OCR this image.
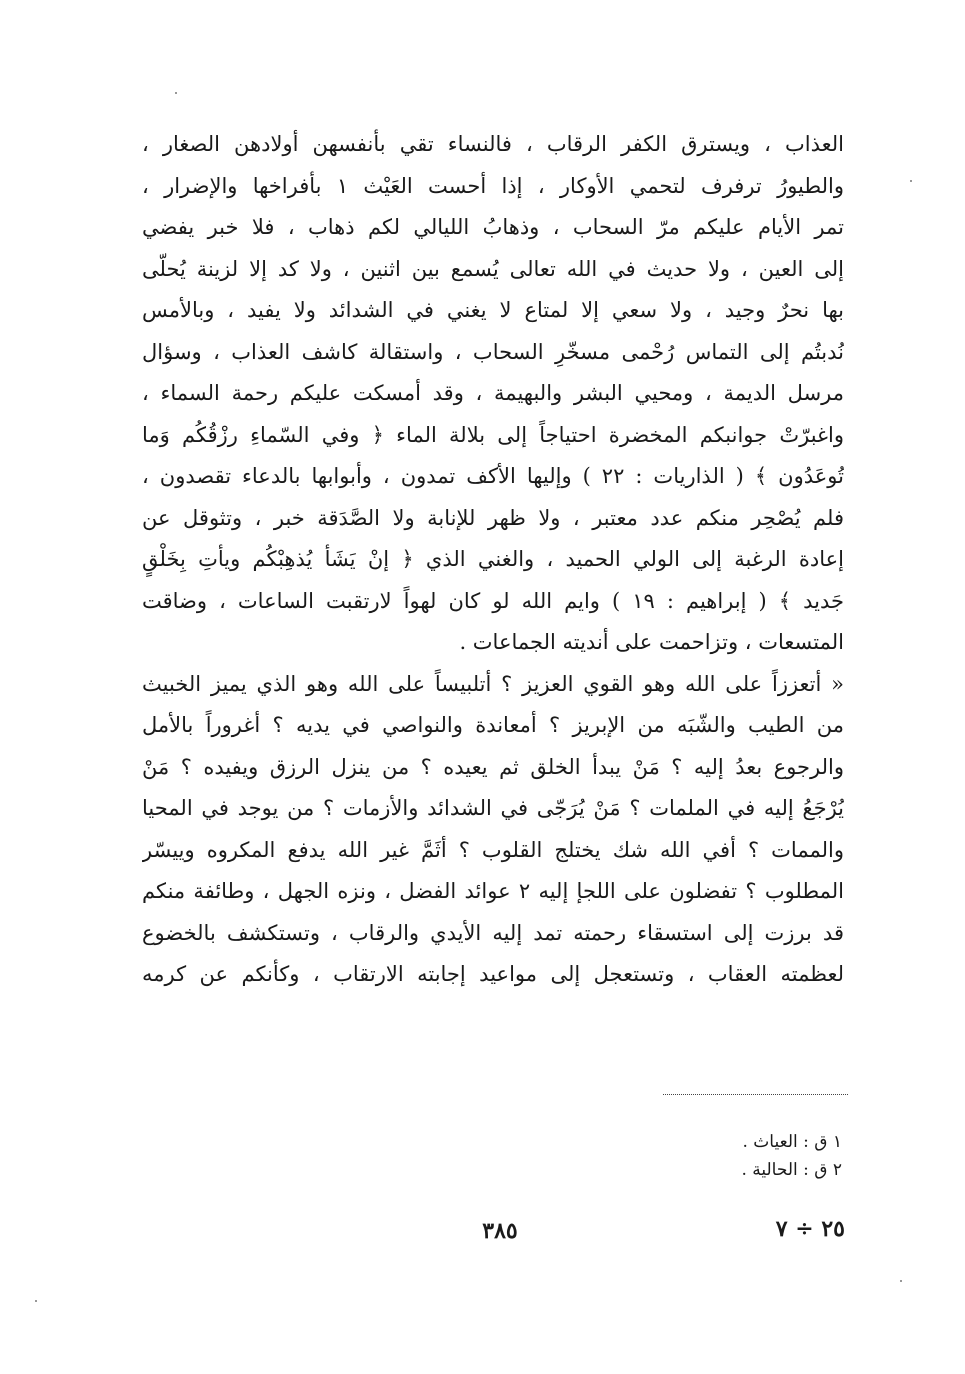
العذاب ، ويسترق الكفر الرقاب ، فالنساء تقي بأنفسهن أولادهن الصغار ،
والطيورُ ترفرف لتحمي الأوكار ، إذا أحست العَيْث ١ بأفراخها والإضرار ،
تمر الأيام عليكم مرّ السحاب ، وذهابُ الليالي لكم ذهاب ، فلا خبر يفضي
إلى العين ، ولا حديث في الله تعالى يُسمع بين اثنين ، ولا كد إلا لزينة يُحلّى
بها نحرٌ وجيد ، ولا سعي إلا لمتاع لا يغني في الشدائد ولا يفيد ، وبالأمس
نُدبتُم إلى التماس رُحْمى مسخّرِ السحاب ، واستقالة كاشف العذاب ، وسؤال
مرسل الديمة ، ومحيي البشر والبهيمة ، وقد أمسكت عليكم رحمة السماء ،
واغبرّتْ جوانبكم المخضرة احتياجاً إلى بلالة الماء ﴿ وفي السّماءِ رزْقُكُم وَما
تُوعَدُون ﴾ ( الذاريات : ٢٢ ) وإليها الأكف تمدون ، وأبوابها بالدعاء تقصدون ،
فلم يُصْحِر منكم عدد معتبر ، ولا ظهر للإنابة ولا الصَّدَقة خبر ، وتثوقل عن
إعادة الرغبة إلى الولي الحميد ، والغني الذي ﴿ إنْ يَشَأ يُذهِبْكُم ويأتِ بِخَلْقٍ
جَديد ﴾ ( إبراهيم : ١٩ ) وايم الله لو كان لهواً لارتقبت الساعات ، وضاقت
المتسعات ، وتزاحمت على أنديته الجماعات .
« أتعززاً على الله وهو القوي العزيز ؟ أتلبيساً على الله وهو الذي يميز الخبيث
من الطيب والشّبَه من الإبريز ؟ أمعاندة والنواصي في يديه ؟ أغروراً بالأمل
والرجوع بعدُ إليه ؟ مَنْ يبدأ الخلق ثم يعيده ؟ من ينزل الرزق ويفيده ؟ مَنْ
يُرْجَعُ إليه في الملمات ؟ مَنْ يُرَجّى في الشدائد والأزمات ؟ من يوجد في المحيا
والممات ؟ أفي الله شك يختلج القلوب ؟ أثَمَّ غير الله يدفع المكروه وييسّر
المطلوب ؟ تفضلون على اللجإ إليه ٢ عوائد الفضل ، ونزه الجهل ، وطائفة منكم
قد برزت إلى استسقاء رحمته تمد إليه الأيدي والرقاب ، وتستكشف بالخضوع
لعظمته العقاب ، وتستعجل إلى مواعيد إجابته الارتقاب ، وكأنكم عن كرمه
١ ق : العياث .
٢ ق : الحالية .
٣٨٥	٢٥ ÷ ٧
